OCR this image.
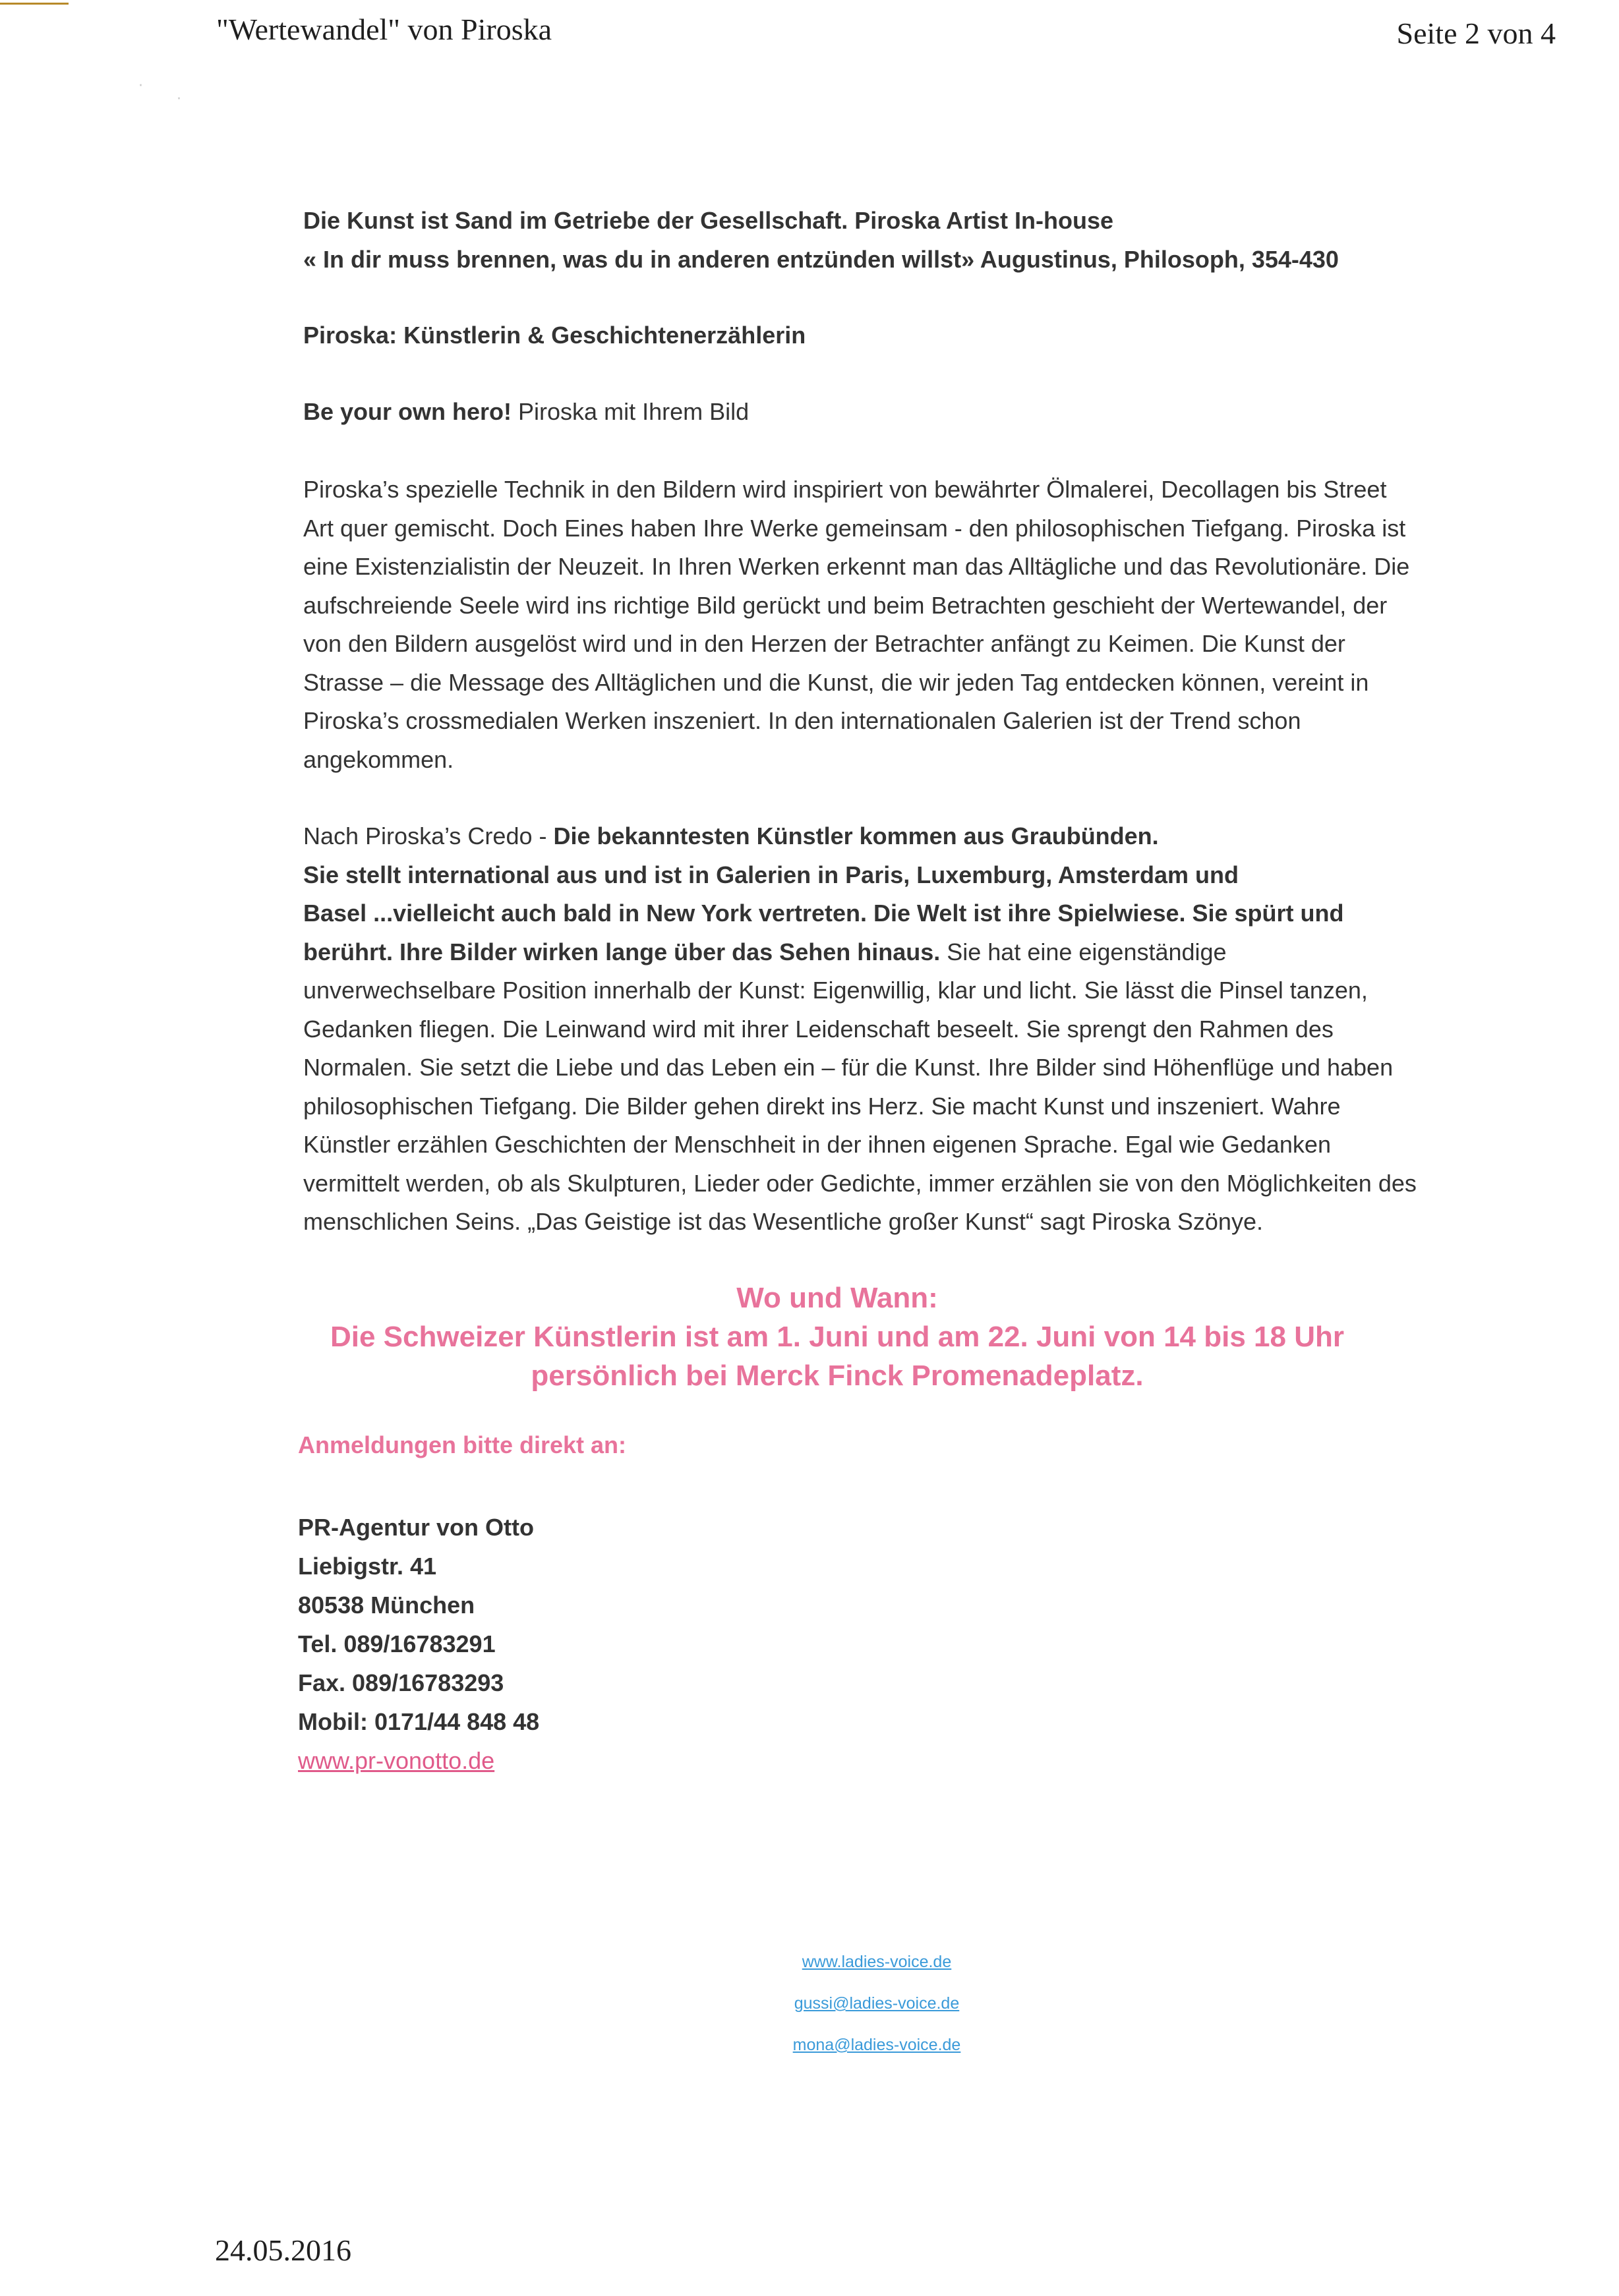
·
·
"Wertewandel" von Piroska	Seite 2 von 4

Die Kunst ist Sand im Getriebe der Gesellschaft. Piroska Artist In-house

« In dir muss brennen, was du in anderen entzünden willst» Augustinus, Philosoph, 354-430

Piroska: Künstlerin & Geschichtenerzählerin

Be your own hero! Piroska mit Ihrem Bild

Piroska’s spezielle Technik in den Bildern wird inspiriert von bewährter Ölmalerei, Decollagen bis Street

Art quer gemischt. Doch Eines haben Ihre Werke gemeinsam - den philosophischen Tiefgang. Piroska ist

eine Existenzialistin der Neuzeit. In Ihren Werken erkennt man das Alltägliche und das Revolutionäre. Die

aufschreiende Seele wird ins richtige Bild gerückt und beim Betrachten geschieht der Wertewandel, der

von den Bildern ausgelöst wird und in den Herzen der Betrachter anfängt zu Keimen. Die Kunst der

Strasse – die Message des Alltäglichen und die Kunst, die wir jeden Tag entdecken können, vereint in

Piroska’s crossmedialen Werken inszeniert. In den internationalen Galerien ist der Trend schon

angekommen.

Nach Piroska’s Credo - Die bekanntesten Künstler kommen aus Graubünden.

Sie stellt international aus und ist in Galerien in Paris, Luxemburg, Amsterdam und

Basel ...vielleicht auch bald in New York vertreten. Die Welt ist ihre Spielwiese. Sie spürt und

berührt. Ihre Bilder wirken lange über das Sehen hinaus. Sie hat eine eigenständige

unverwechselbare Position innerhalb der Kunst: Eigenwillig, klar und licht. Sie lässt die Pinsel tanzen,

Gedanken fliegen. Die Leinwand wird mit ihrer Leidenschaft beseelt. Sie sprengt den Rahmen des

Normalen. Sie setzt die Liebe und das Leben ein – für die Kunst. Ihre Bilder sind Höhenflüge und haben

philosophischen Tiefgang. Die Bilder gehen direkt ins Herz. Sie macht Kunst und inszeniert. Wahre

Künstler erzählen Geschichten der Menschheit in der ihnen eigenen Sprache. Egal wie Gedanken

vermittelt werden, ob als Skulpturen, Lieder oder Gedichte, immer erzählen sie von den Möglichkeiten des

menschlichen Seins. „Das Geistige ist das Wesentliche großer Kunst“ sagt Piroska Szönye.

Wo und Wann:

Die Schweizer Künstlerin ist am 1. Juni und am 22. Juni von 14 bis 18 Uhr

persönlich bei Merck Finck Promenadeplatz.

Anmeldungen bitte direkt an:

PR-Agentur von Otto

Liebigstr. 41

80538 München

Tel. 089/16783291

Fax. 089/16783293

Mobil: 0171/44 848 48

www.pr-vonotto.de

www.ladies-voice.de
gussi@ladies-voice.de
mona@ladies-voice.de
24.05.2016
